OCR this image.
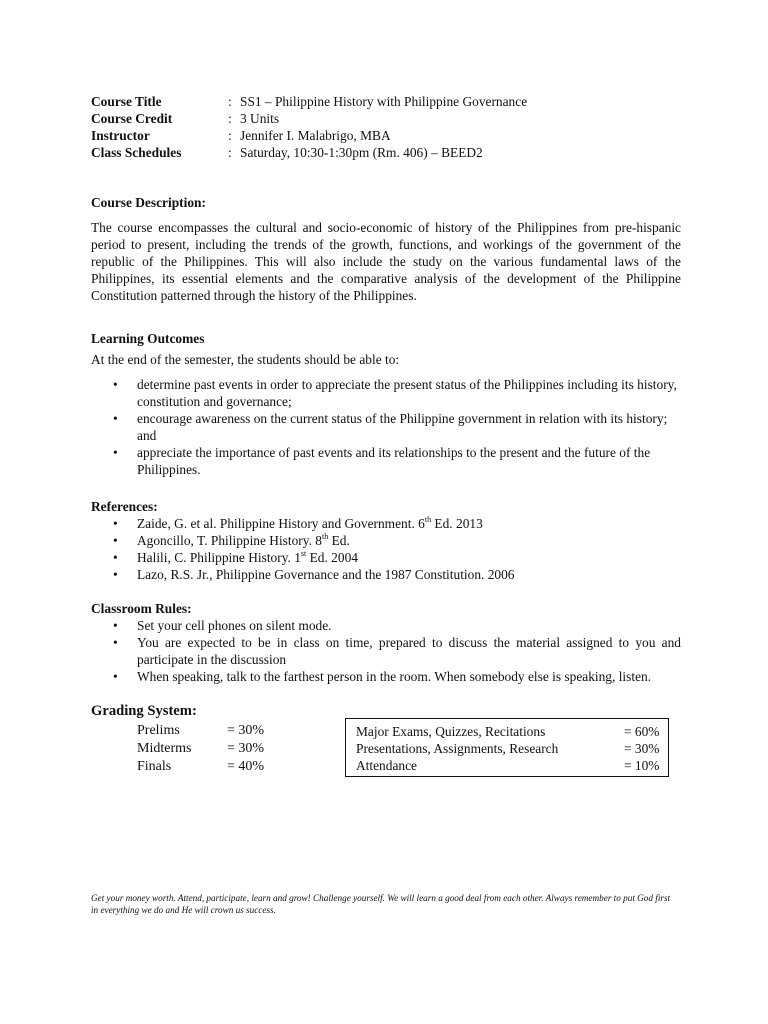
Course Title	:	SS1 – Philippine History with Philippine Governance
Course Credit	:	3 Units
Instructor	:	Jennifer I. Malabrigo, MBA
Class Schedules	:	Saturday, 10:30-1:30pm (Rm. 406) – BEED2
Course Description:

The course encompasses the cultural and socio-economic of history of the Philippines from pre-hispanic period to present, including the trends of the growth, functions, and workings of the government of the republic of the Philippines. This will also include the study on the various fundamental laws of the Philippines, its essential elements and the comparative analysis of the development of the Philippine Constitution patterned through the history of the Philippines.

Learning Outcomes

At the end of the semester, the students should be able to:

• determine past events in order to appreciate the present status of the Philippines including its history, constitution and governance;
• encourage awareness on the current status of the Philippine government in relation with its history; and
• appreciate the importance of past events and its relationships to the present and the future of the Philippines.
References:
• Zaide, G. et al. Philippine History and Government. 6th Ed. 2013
• Agoncillo, T. Philippine History. 8th Ed.
• Halili, C. Philippine History. 1st Ed. 2004
• Lazo, R.S. Jr., Philippine Governance and the 1987 Constitution. 2006
Classroom Rules:
• Set your cell phones on silent mode.
• You are expected to be in class on time, prepared to discuss the material assigned to you and participate in the discussion
• When speaking, talk to the farthest person in the room. When somebody else is speaking, listen.
Grading System:
Prelims	= 30%
Midterms	= 30%
Finals	= 40%
Major Exams, Quizzes, Recitations	= 60%
Presentations, Assignments, Research	= 30%
Attendance	= 10%
Get your money worth. Attend, participate, learn and grow! Challenge yourself. We will learn a good deal from each other. Always remember to put God first in everything we do and He will crown us success.
